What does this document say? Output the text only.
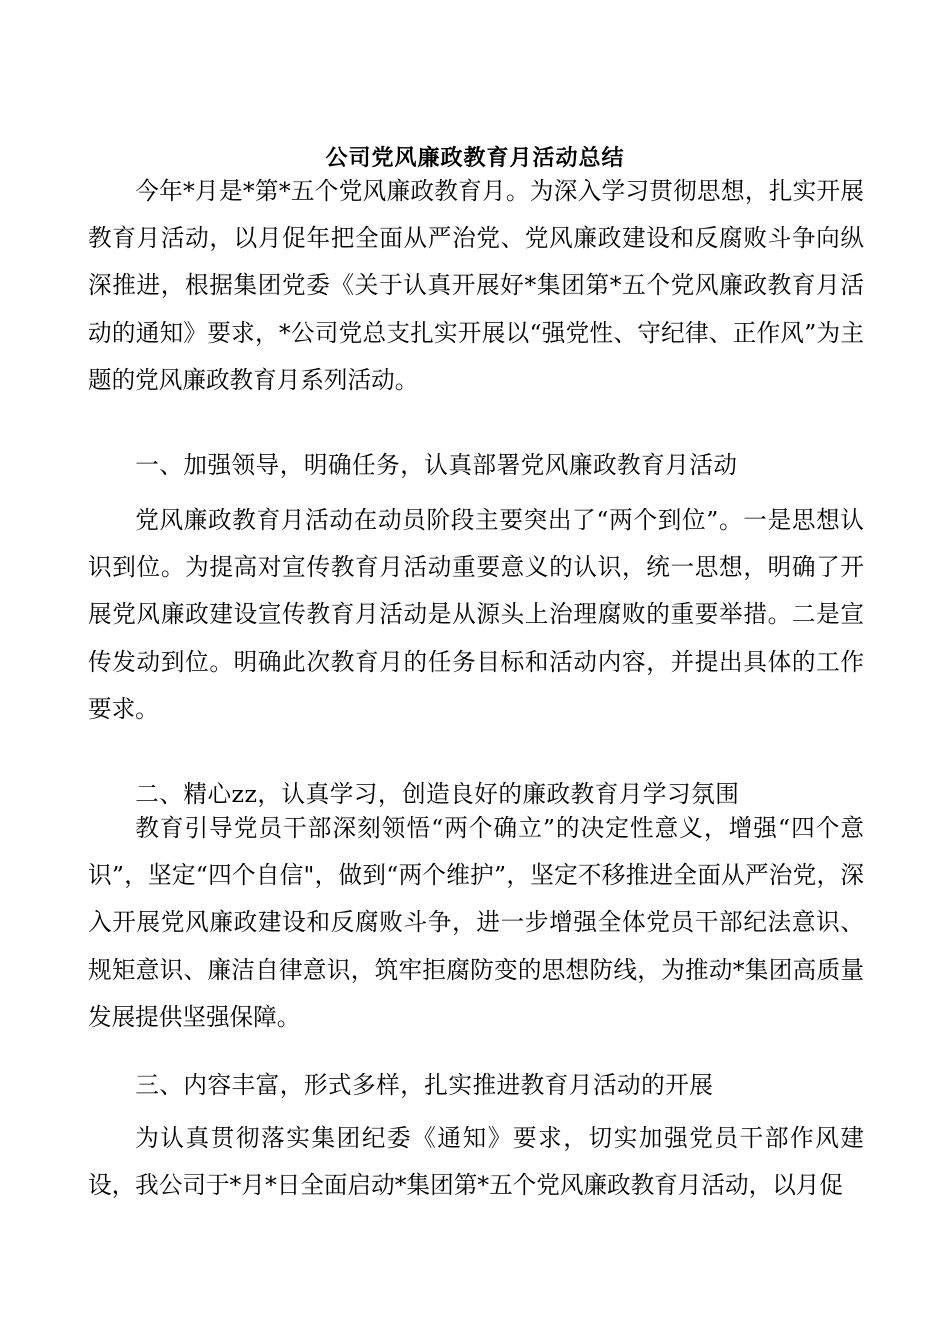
公司党风廉政教育月活动总结

今年*月是*第*五个党风廉政教育月。为深入学习贯彻思想，扎实开展教育月活动，以月促年把全面从严治党、党风廉政建设和反腐败斗争向纵深推进，根据集团党委《关于认真开展好*集团第*五个党风廉政教育月活动的通知》要求，*公司党总支扎实开展以“强党性、守纪律、正作风”为主题的党风廉政教育月系列活动。

一、加强领导，明确任务，认真部署党风廉政教育月活动

党风廉政教育月活动在动员阶段主要突出了“两个到位”。一是思想认识到位。为提高对宣传教育月活动重要意义的认识，统一思想，明确了开展党风廉政建设宣传教育月活动是从源头上治理腐败的重要举措。二是宣传发动到位。明确此次教育月的任务目标和活动内容，并提出具体的工作要求。

二、精心zz，认真学习，创造良好的廉政教育月学习氛围

教育引导党员干部深刻领悟“两个确立”的决定性意义，增强“四个意识”，坚定“四个自信"，做到“两个维护”，坚定不移推进全面从严治党，深入开展党风廉政建设和反腐败斗争，进一步增强全体党员干部纪法意识、规矩意识、廉洁自律意识，筑牢拒腐防变的思想防线，为推动*集团高质量发展提供坚强保障。

三、内容丰富，形式多样，扎实推进教育月活动的开展

为认真贯彻落实集团纪委《通知》要求，切实加强党员干部作风建设，我公司于*月*日全面启动*集团第*五个党风廉政教育月活动，以月促
